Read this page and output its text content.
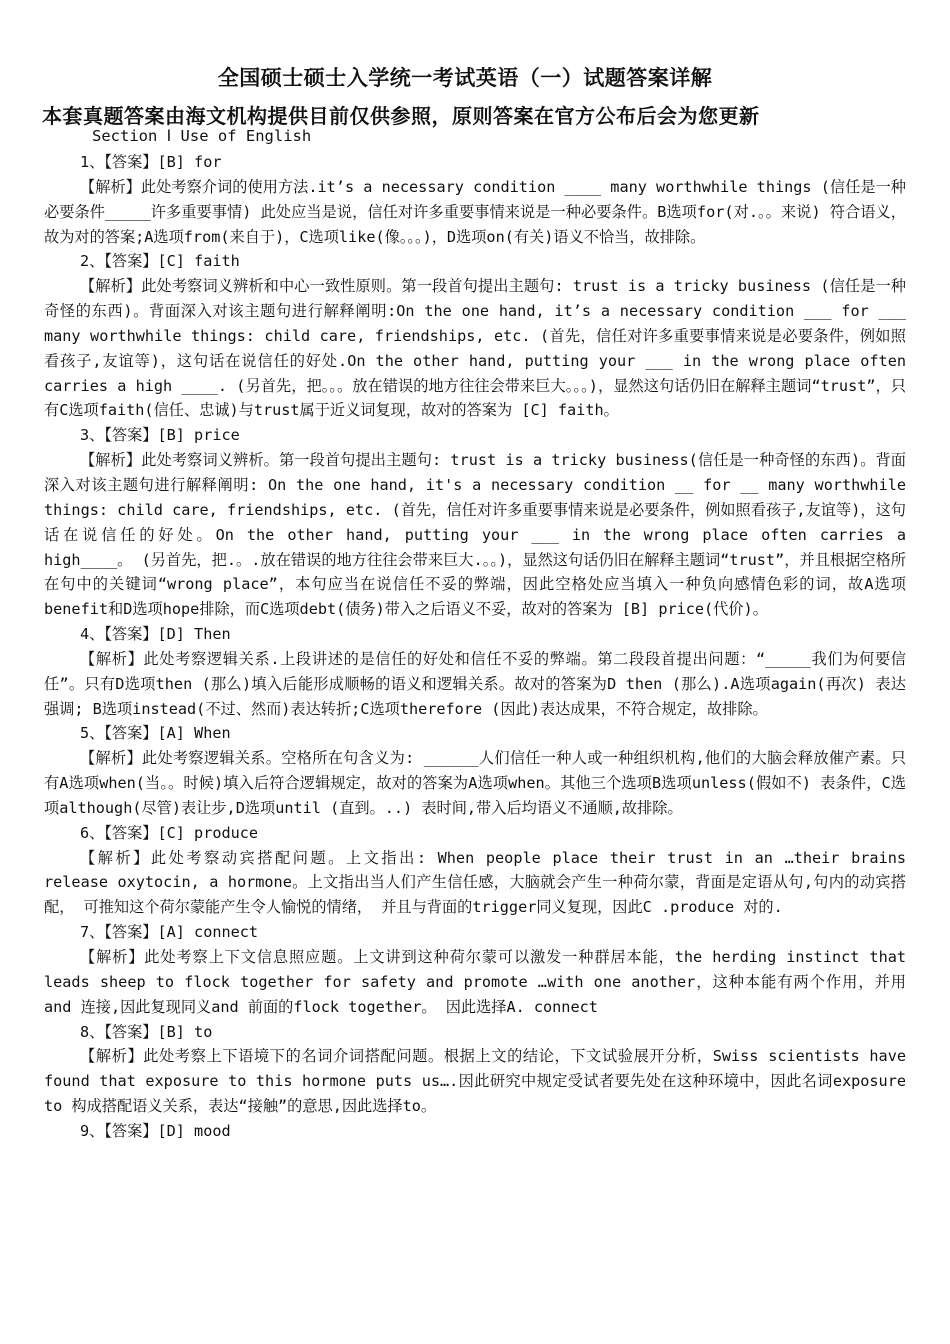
全国硕士硕士入学统一考试英语（一）试题答案详解
本套真题答案由海文机构提供目前仅供参照，原则答案在官方公布后会为您更新
Section Ⅰ Use of English

1、【答案】[B] for

【解析】此处考察介词的使用方法.it’s a necessary condition ____ many worthwhile things (信任是一种必要条件_____许多重要事情) 此处应当是说，信任对许多重要事情来说是一种必要条件。B选项for(对.。。来说) 符合语义，故为对的答案;A选项from(来自于)，C选项like(像。。。)，D选项on(有关)语义不恰当，故排除。

2、【答案】[C] faith

【解析】此处考察词义辨析和中心一致性原则。第一段首句提出主题句: trust is a tricky business (信任是一种奇怪的东西)。背面深入对该主题句进行解释阐明:On the one hand, it’s a necessary condition ___ for ___ many worthwhile things: child care, friendships, etc. (首先，信任对许多重要事情来说是必要条件，例如照看孩子,友谊等)，这句话在说信任的好处.On the other hand, putting your ___ in the wrong place often carries a high ____. (另首先，把。。。放在错误的地方往往会带来巨大。。。)，显然这句话仍旧在解释主题词“trust”，只有C选项faith(信任、忠诚)与trust属于近义词复现，故对的答案为 [C] faith。

3、【答案】[B] price

【解析】此处考察词义辨析。第一段首句提出主题句: trust is a tricky business(信任是一种奇怪的东西)。背面深入对该主题句进行解释阐明: On the one hand, it's a necessary condition __ for __ many worthwhile things: child care, friendships, etc. (首先，信任对许多重要事情来说是必要条件，例如照看孩子,友谊等)，这句话在说信任的好处。On the other hand, putting your ___ in the wrong place often carries a high____。 (另首先，把.。.放在错误的地方往往会带来巨大.。。)，显然这句话仍旧在解释主题词“trust”，并且根据空格所在句中的关键词“wrong place”，本句应当在说信任不妥的弊端，因此空格处应当填入一种负向感情色彩的词，故A选项benefit和D选项hope排除，而C选项debt(债务)带入之后语义不妥，故对的答案为 [B] price(代价)。

4、【答案】[D] Then

【解析】此处考察逻辑关系.上段讲述的是信任的好处和信任不妥的弊端。第二段段首提出问题：“_____我们为何要信任”。只有D选项then (那么)填入后能形成顺畅的语义和逻辑关系。故对的答案为D then (那么).A选项again(再次) 表达强调; B选项instead(不过、然而)表达转折;C选项therefore (因此)表达成果，不符合规定，故排除。

5、【答案】[A] When

【解析】此处考察逻辑关系。空格所在句含义为: ______人们信任一种人或一种组织机构,他们的大脑会释放催产素。只有A选项when(当。。时候)填入后符合逻辑规定，故对的答案为A选项when。其他三个选项B选项unless(假如不) 表条件，C选项although(尽管)表让步,D选项until (直到。..) 表时间,带入后均语义不通顺,故排除。

6、【答案】[C] produce

【解析】此处考察动宾搭配问题。上文指出: When people place their trust in an …their brains release oxytocin, a hormone。上文指出当人们产生信任感，大脑就会产生一种荷尔蒙，背面是定语从句,句内的动宾搭配， 可推知这个荷尔蒙能产生令人愉悦的情绪， 并且与背面的trigger同义复现，因此C .produce 对的.

7、【答案】[A] connect

【解析】此处考察上下文信息照应题。上文讲到这种荷尔蒙可以激发一种群居本能，the herding instinct that leads sheep to flock together for safety and promote …with one another，这种本能有两个作用，并用and 连接,因此复现同义and 前面的flock together。 因此选择A. connect

8、【答案】[B] to

【解析】此处考察上下语境下的名词介词搭配问题。根据上文的结论，下文试验展开分析，Swiss scientists have found that exposure to this hormone puts us….因此研究中规定受试者要先处在这种环境中，因此名词exposure to 构成搭配语义关系，表达“接触”的意思,因此选择to。

9、【答案】[D] mood
